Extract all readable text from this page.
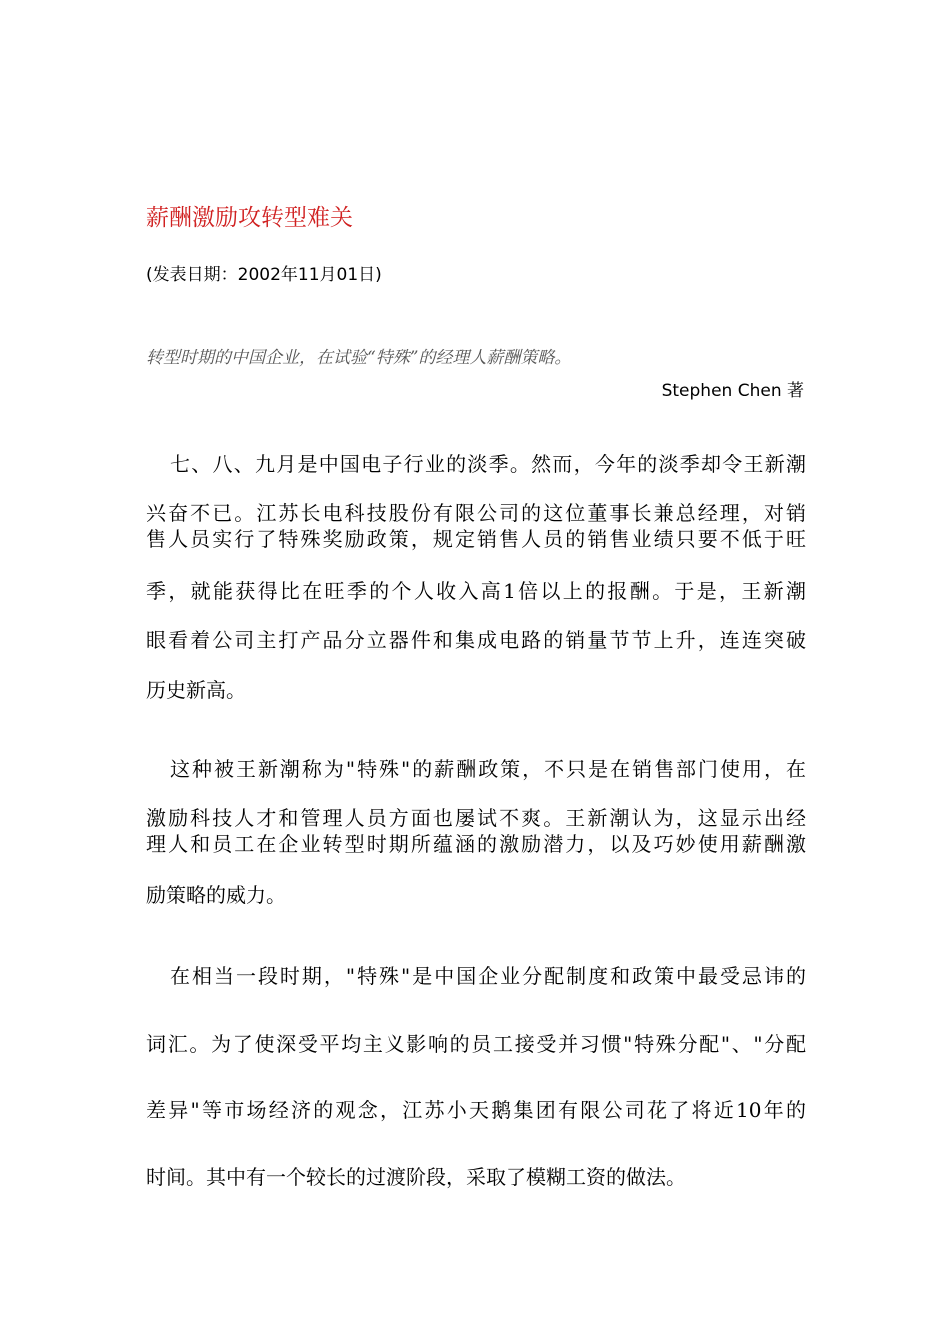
薪酬激励攻转型难关
(发表日期：2002年11月01日)
转型时期的中国企业，在试验“特殊”的经理人薪酬策略。
Stephen Chen 著
七、八、九月是中国电子行业的淡季。然而，今年的淡季却令王新潮
兴奋不已。江苏长电科技股份有限公司的这位董事长兼总经理，对销
售人员实行了特殊奖励政策，规定销售人员的销售业绩只要不低于旺
季，就能获得比在旺季的个人收入高1倍以上的报酬。于是，王新潮
眼看着公司主打产品分立器件和集成电路的销量节节上升，连连突破
历史新高。
这种被王新潮称为"特殊"的薪酬政策，不只是在销售部门使用，在
激励科技人才和管理人员方面也屡试不爽。王新潮认为，这显示出经
理人和员工在企业转型时期所蕴涵的激励潜力，以及巧妙使用薪酬激
励策略的威力。
在相当一段时期，"特殊"是中国企业分配制度和政策中最受忌讳的
词汇。为了使深受平均主义影响的员工接受并习惯"特殊分配"、"分配
差异"等市场经济的观念，江苏小天鹅集团有限公司花了将近10年的
时间。其中有一个较长的过渡阶段，采取了模糊工资的做法。
